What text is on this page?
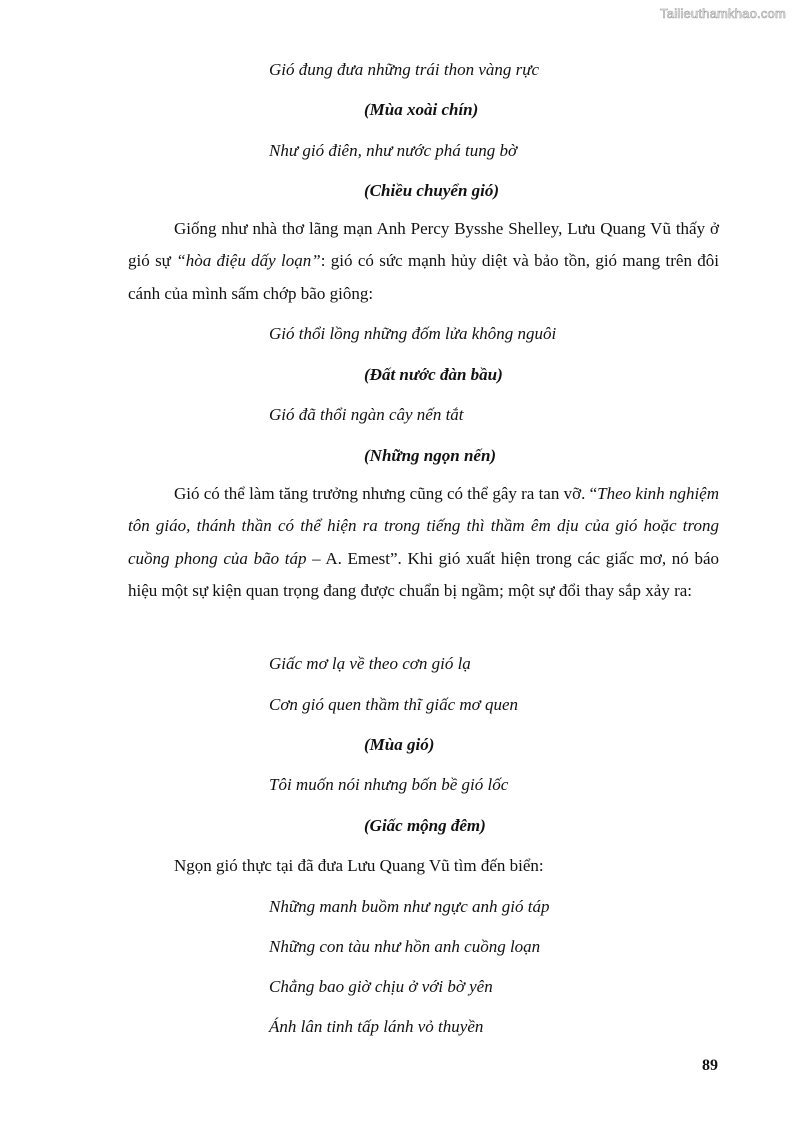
Tailieuthamkhao.com
Gió đung đưa những trái thon vàng rực
(Mùa xoài chín)
Như gió điên, như nước phá tung bờ
(Chiều chuyển gió)
Giống như nhà thơ lãng mạn Anh Percy Bysshe Shelley, Lưu Quang Vũ thấy ở gió sự “hòa điệu dấy loạn”: gió có sức mạnh hủy diệt và bảo tồn, gió mang trên đôi cánh của mình sấm chớp bão giông:
Gió thổi lồng những đốm lửa không nguôi
(Đất nước đàn bầu)
Gió đã thổi ngàn cây nến tắt
(Những ngọn nến)
Gió có thể làm tăng trưởng nhưng cũng có thể gây ra tan vỡ. “Theo kinh nghiệm tôn giáo, thánh thần có thể hiện ra trong tiếng thì thầm êm dịu của gió hoặc trong cuồng phong của bão táp – A. Emest”. Khi gió xuất hiện trong các giấc mơ, nó báo hiệu một sự kiện quan trọng đang được chuẩn bị ngầm; một sự đổi thay sắp xảy ra:
Giấc mơ lạ về theo cơn gió lạ
Cơn gió quen thầm thĩ giấc mơ quen
(Mùa gió)
Tôi muốn nói nhưng bốn bề gió lốc
(Giấc mộng đêm)
Ngọn gió thực tại đã đưa Lưu Quang Vũ tìm đến biển:
Những manh buồm như ngực anh gió táp
Những con tàu như hồn anh cuồng loạn
Chẳng bao giờ chịu ở với bờ yên
Ánh lân tinh tấp lánh vỏ thuyền
89
